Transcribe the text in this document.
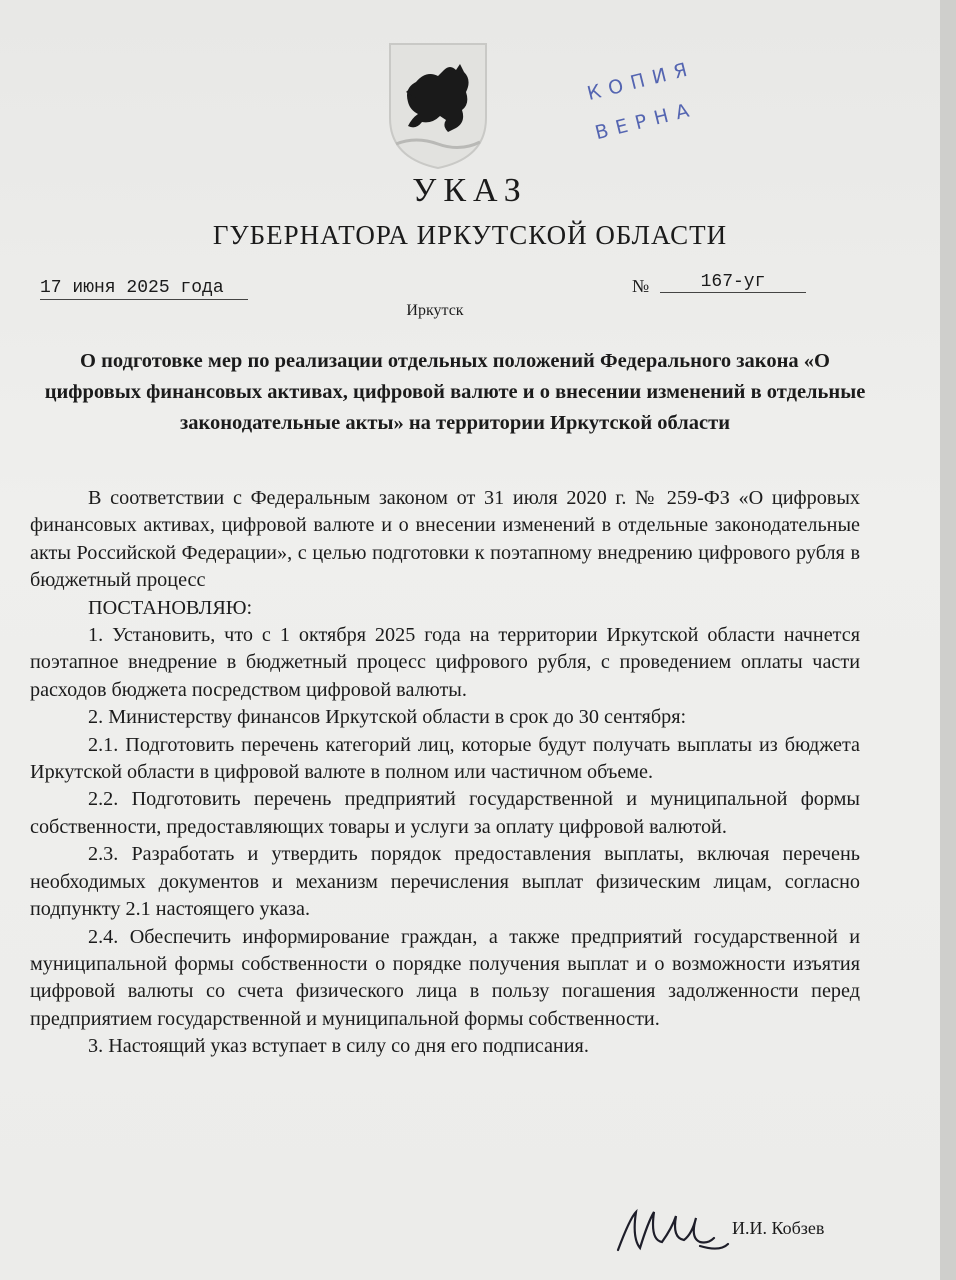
КОПИЯ
ВЕРНА
УКАЗ
ГУБЕРНАТОРА ИРКУТСКОЙ ОБЛАСТИ
17 июня 2025 года	№	167-уг
Иркутск
О подготовке мер по реализации отдельных положений Федерального закона «О цифровых финансовых активах, цифровой валюте и о внесении изменений в отдельные законодательные акты» на территории Иркутской области

В соответствии с Федеральным законом от 31 июля 2020 г. № 259-ФЗ «О цифровых финансовых активах, цифровой валюте и о внесении изменений в отдельные законодательные акты Российской Федерации», с целью подготовки к поэтапному внедрению цифрового рубля в бюджетный процесс

ПОСТАНОВЛЯЮ:

1. Установить, что с 1 октября 2025 года на территории Иркутской области начнется поэтапное внедрение в бюджетный процесс цифрового рубля, с проведением оплаты части расходов бюджета посредством цифровой валюты.

2. Министерству финансов Иркутской области в срок до 30 сентября:

2.1. Подготовить перечень категорий лиц, которые будут получать выплаты из бюджета Иркутской области в цифровой валюте в полном или частичном объеме.

2.2. Подготовить перечень предприятий государственной и муниципальной формы собственности, предоставляющих товары и услуги за оплату цифровой валютой.

2.3. Разработать и утвердить порядок предоставления выплаты, включая перечень необходимых документов и механизм перечисления выплат физическим лицам, согласно подпункту 2.1 настоящего указа.

2.4. Обеспечить информирование граждан, а также предприятий государственной и муниципальной формы собственности о порядке получения выплат и о возможности изъятия цифровой валюты со счета физического лица в пользу погашения задолженности перед предприятием государственной и муниципальной формы собственности.

3. Настоящий указ вступает в силу со дня его подписания.

И.И. Кобзев
